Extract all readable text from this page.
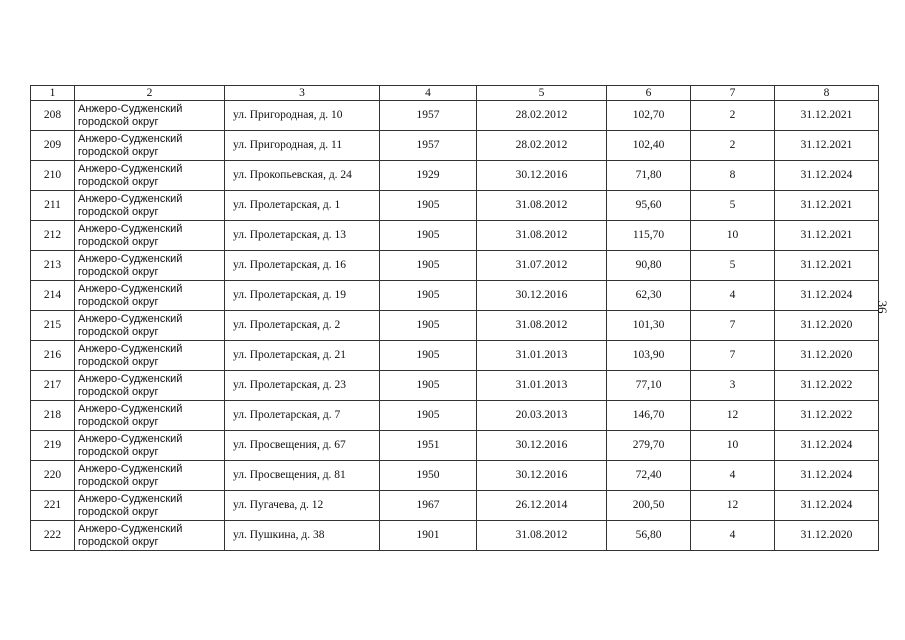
1	2	3	4	5	6	7	8
208	Анжеро-Судженский городской округ	ул. Пригородная, д. 10	1957	28.02.2012	102,70	2	31.12.2021
209	Анжеро-Судженский городской округ	ул. Пригородная, д. 11	1957	28.02.2012	102,40	2	31.12.2021
210	Анжеро-Судженский городской округ	ул. Прокопьевская, д. 24	1929	30.12.2016	71,80	8	31.12.2024
211	Анжеро-Судженский городской округ	ул. Пролетарская, д. 1	1905	31.08.2012	95,60	5	31.12.2021
212	Анжеро-Судженский городской округ	ул. Пролетарская, д. 13	1905	31.08.2012	115,70	10	31.12.2021
213	Анжеро-Судженский городской округ	ул. Пролетарская, д. 16	1905	31.07.2012	90,80	5	31.12.2021
214	Анжеро-Судженский городской округ	ул. Пролетарская, д. 19	1905	30.12.2016	62,30	4	31.12.2024
215	Анжеро-Судженский городской округ	ул. Пролетарская, д. 2	1905	31.08.2012	101,30	7	31.12.2020
216	Анжеро-Судженский городской округ	ул. Пролетарская, д. 21	1905	31.01.2013	103,90	7	31.12.2020
217	Анжеро-Судженский городской округ	ул. Пролетарская, д. 23	1905	31.01.2013	77,10	3	31.12.2022
218	Анжеро-Судженский городской округ	ул. Пролетарская, д. 7	1905	20.03.2013	146,70	12	31.12.2022
219	Анжеро-Судженский городской округ	ул. Просвещения, д. 67	1951	30.12.2016	279,70	10	31.12.2024
220	Анжеро-Судженский городской округ	ул. Просвещения, д. 81	1950	30.12.2016	72,40	4	31.12.2024
221	Анжеро-Судженский городской округ	ул. Пугачева, д. 12	1967	26.12.2014	200,50	12	31.12.2024
222	Анжеро-Судженский городской округ	ул. Пушкина, д. 38	1901	31.08.2012	56,80	4	31.12.2020
36
